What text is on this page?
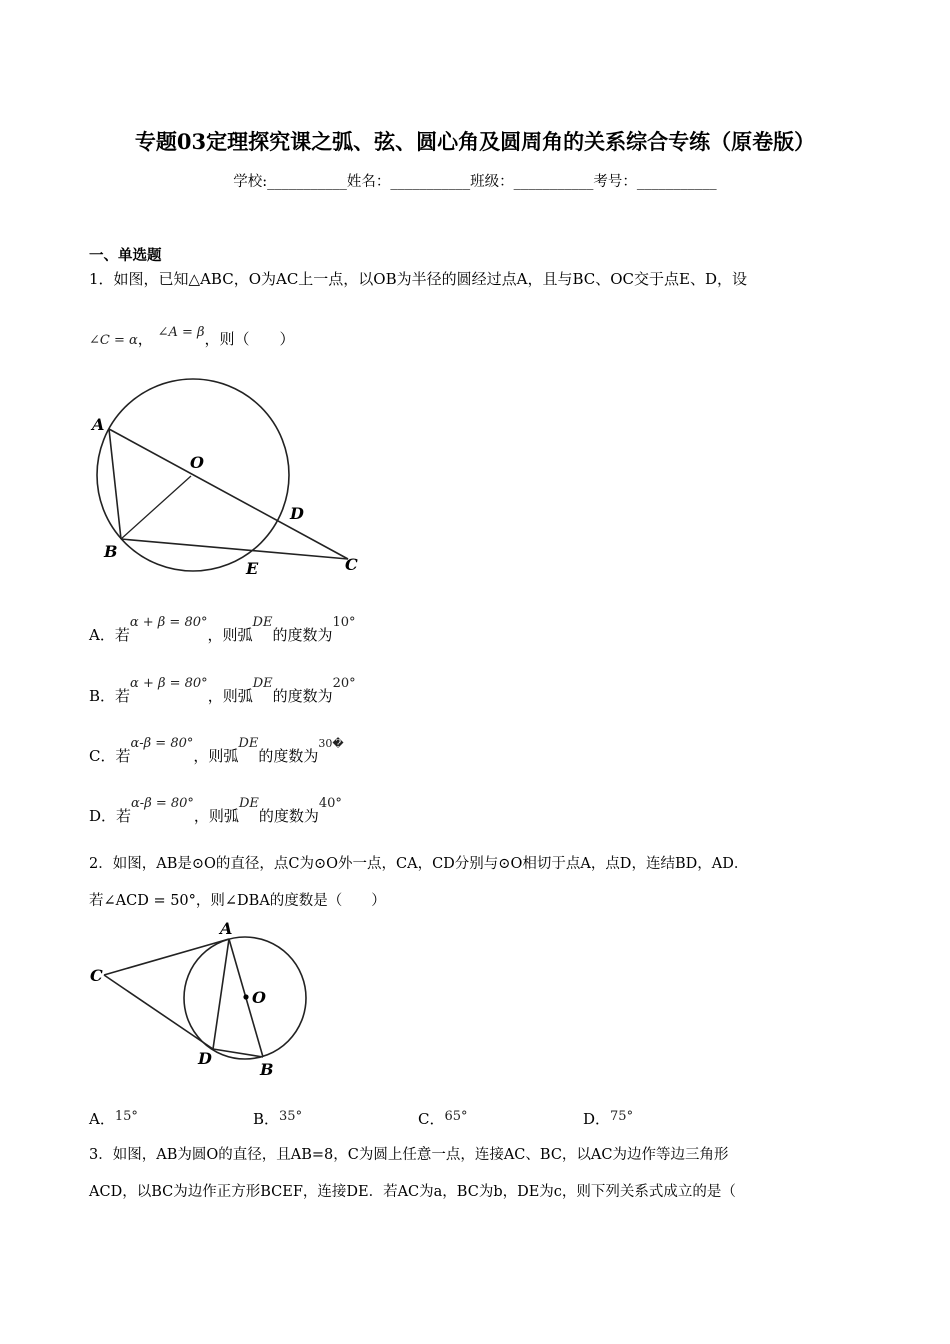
专题03定理探究课之弧、弦、圆心角及圆周角的关系综合专练（原卷版）
学校:___________姓名：___________班级：___________考号：___________
一、单选题
1．如图，已知△ABC，O为AC上一点，以OB为半径的圆经过点A，且与BC、OC交于点E、D，设
∠C = α， ∠A = β，则（　　）
A
O
D
B
E	C
A．若α + β = 80°，则弧DE的度数为10°
B．若α + β = 80°，则弧DE的度数为20°
C．若α-β = 80°，则弧DE的度数为$^{30�}$
D．若α-β = 80°，则弧DE的度数为40°
2．如图，AB是⊙O的直径，点C为⊙O外一点，CA，CD分别与⊙O相切于点A，点D，连结BD，AD．
若∠ACD = 50°，则∠DBA的度数是（　　）
A
C
O
D
B
A．15°	B．35°	C．65°	D．75°
3．如图，AB为圆O的直径，且AB=8，C为圆上任意一点，连接AC、BC，以AC为边作等边三角形
ACD，以BC为边作正方形BCEF，连接DE．若AC为a，BC为b，DE为c，则下列关系式成立的是（
